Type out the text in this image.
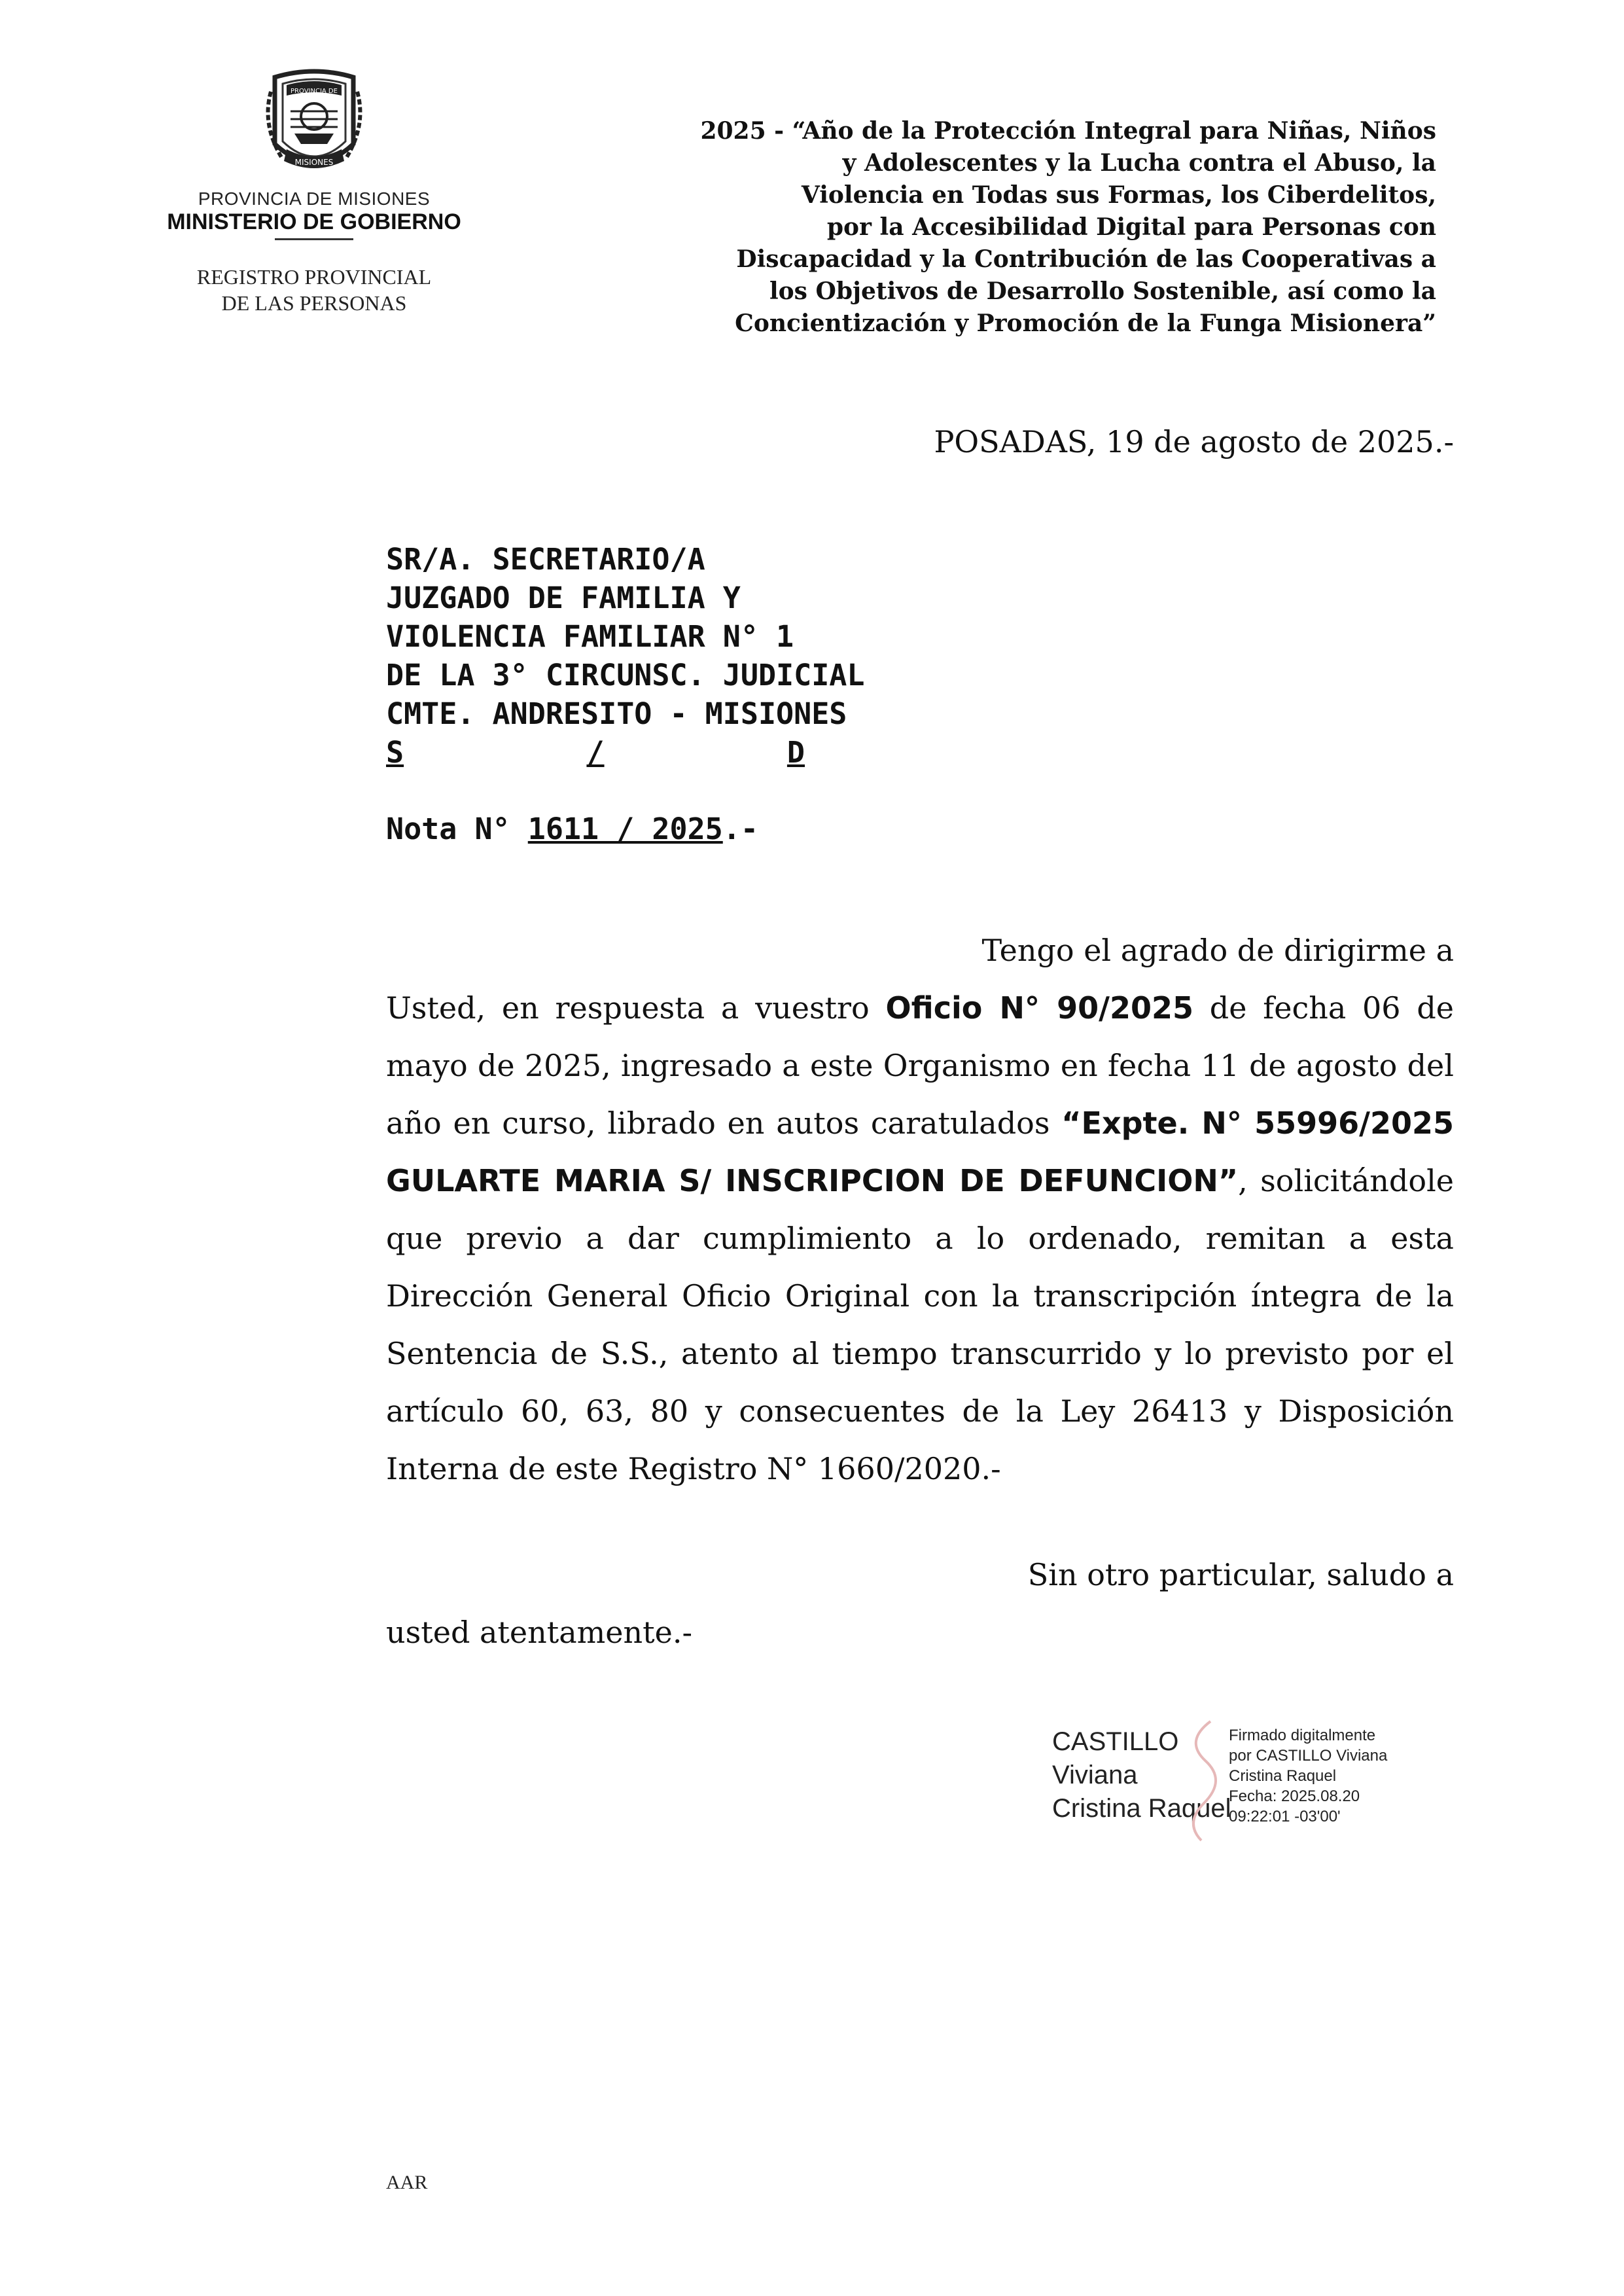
PROVINCIA DE
MISIONES
PROVINCIA DE MISIONES
MINISTERIO DE GOBIERNO
REGISTRO PROVINCIAL
DE LAS PERSONAS
2025 - “Año de la Protección Integral para Niñas, Niños
y Adolescentes y la Lucha contra el Abuso, la
Violencia en Todas sus Formas, los Ciberdelitos,
por la Accesibilidad Digital para Personas con
Discapacidad y la Contribución de las Cooperativas a
los Objetivos de Desarrollo Sostenible, así como la
Concientización y Promoción de la Funga Misionera”
POSADAS, 19 de agosto de 2025.-
SR/A. SECRETARIO/A
JUZGADO DE FAMILIA Y
VIOLENCIA FAMILIAR N° 1
DE LA 3° CIRCUNSC. JUDICIAL
CMTE. ANDRESITO - MISIONES
S	/	D
Nota N° 1611 / 2025.-
Tengo el agrado de dirigirme a
Usted, en respuesta a vuestro Oficio N° 90/2025 de fecha 06 de mayo de 2025, ingresado a este Organismo en fecha 11 de agosto del año en curso, librado en autos caratulados “Expte. N° 55996/2025 GULARTE MARIA S/ INSCRIPCION DE DEFUNCION”, solicitándole que previo a dar cumplimiento a lo ordenado, remitan a esta Dirección General Oficio Original con la transcripción íntegra de la Sentencia de S.S., atento al tiempo transcurrido y lo previsto por el artículo 60, 63, 80 y consecuentes de la Ley 26413 y Disposición Interna de este Registro N° 1660/2020.-
Sin otro particular, saludo a
usted atentamente.-
CASTILLO
Viviana
Cristina Raquel
Firmado digitalmente
por CASTILLO Viviana
Cristina Raquel
Fecha: 2025.08.20
09:22:01 -03'00'
AAR
